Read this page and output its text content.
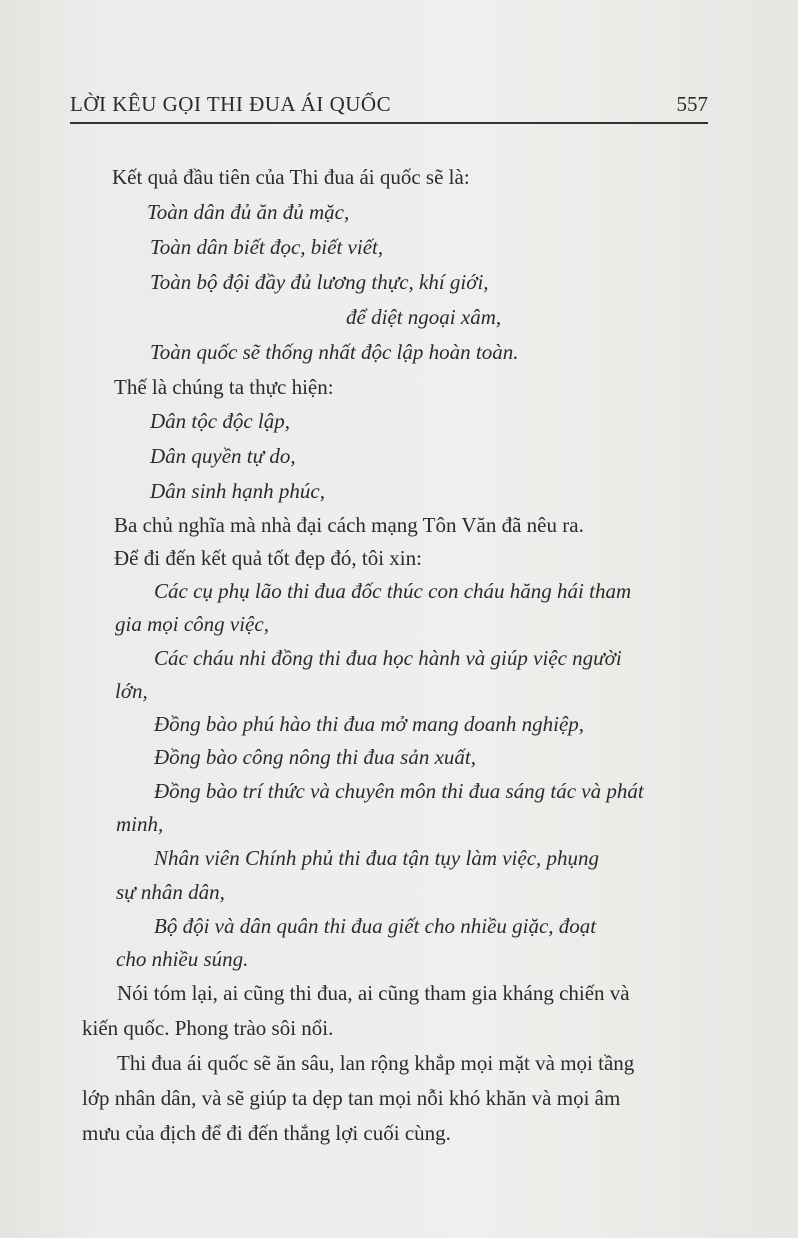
LỜI KÊU GỌI THI ĐUA ÁI QUỐC	557
Kết quả đầu tiên của Thi đua ái quốc sẽ là:
Toàn dân đủ ăn đủ mặc,
Toàn dân biết đọc, biết viết,
Toàn bộ đội đầy đủ lương thực, khí giới,
để diệt ngoại xâm,
Toàn quốc sẽ thống nhất độc lập hoàn toàn.
Thế là chúng ta thực hiện:
Dân tộc độc lập,
Dân quyền tự do,
Dân sinh hạnh phúc,
Ba chủ nghĩa mà nhà đại cách mạng Tôn Văn đã nêu ra.
Để đi đến kết quả tốt đẹp đó, tôi xin:
Các cụ phụ lão thi đua đốc thúc con cháu hăng hái tham
gia mọi công việc,
Các cháu nhi đồng thi đua học hành và giúp việc người
lớn,
Đồng bào phú hào thi đua mở mang doanh nghiệp,
Đồng bào công nông thi đua sản xuất,
Đồng bào trí thức và chuyên môn thi đua sáng tác và phát
minh,
Nhân viên Chính phủ thi đua tận tụy làm việc, phụng
sự nhân dân,
Bộ đội và dân quân thi đua giết cho nhiều giặc, đoạt
cho nhiều súng.
Nói tóm lại, ai cũng thi đua, ai cũng tham gia kháng chiến và
kiến quốc. Phong trào sôi nổi.
Thi đua ái quốc sẽ ăn sâu, lan rộng khắp mọi mặt và mọi tầng
lớp nhân dân, và sẽ giúp ta dẹp tan mọi nỗi khó khăn và mọi âm
mưu của địch để đi đến thắng lợi cuối cùng.
